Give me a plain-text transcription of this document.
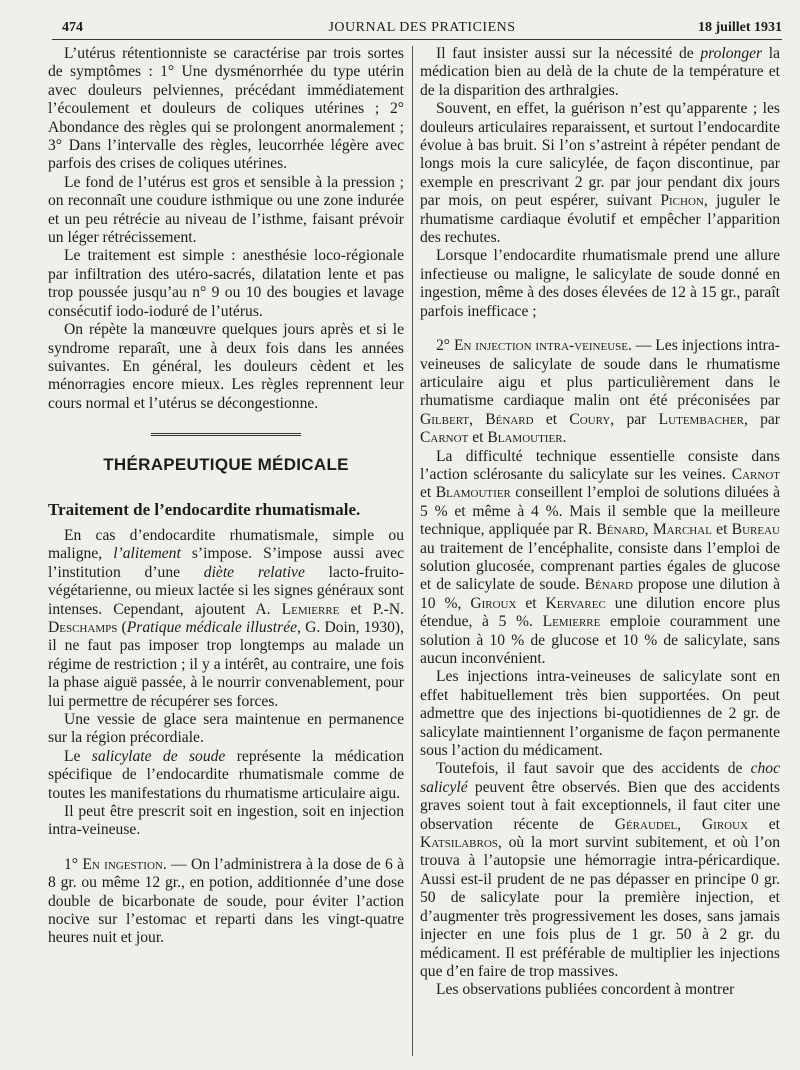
474	JOURNAL DES PRATICIENS	18 juillet 1931

L’utérus rétentionniste se caractérise par trois sortes de symptômes : 1° Une dysménorrhée du type utérin avec douleurs pelviennes, précédant immédiatement l’écoulement et douleurs de coliques utérines ; 2° Abondance des règles qui se prolongent anormalement ; 3° Dans l’intervalle des règles, leucorrhée légère avec parfois des crises de coliques utérines.

Le fond de l’utérus est gros et sensible à la pression ; on reconnaît une coudure isthmique ou une zone indurée et un peu rétrécie au niveau de l’isthme, faisant prévoir un léger rétrécissement.

Le traitement est simple : anesthésie loco-régionale par infiltration des utéro-sacrés, dilatation lente et pas trop poussée jusqu’au n° 9 ou 10 des bougies et lavage consécutif iodo-ioduré de l’utérus.

On répète la manœuvre quelques jours après et si le syndrome reparaît, une à deux fois dans les années suivantes. En général, les douleurs cèdent et les ménorragies encore mieux. Les règles reprennent leur cours normal et l’utérus se décongestionne.

THÉRAPEUTIQUE MÉDICALE

Traitement de l’endocardite rhumatismale.

En cas d’endocardite rhumatismale, simple ou maligne, l’alitement s’impose. S’impose aussi avec l’institution d’une diète relative lacto-fruito-végétarienne, ou mieux lactée si les signes généraux sont intenses. Cependant, ajoutent A. Lemierre et P.-N. Deschamps (Pratique médicale illustrée, G. Doin, 1930), il ne faut pas imposer trop longtemps au malade un régime de restriction ; il y a intérêt, au contraire, une fois la phase aiguë passée, à le nourrir convenablement, pour lui permettre de récupérer ses forces.

Une vessie de glace sera maintenue en permanence sur la région précordiale.

Le salicylate de soude représente la médication spécifique de l’endocardite rhumatismale comme de toutes les manifestations du rhumatisme articulaire aigu.

Il peut être prescrit soit en ingestion, soit en injection intra-veineuse.

1° En ingestion. — On l’administrera à la dose de 6 à 8 gr. ou même 12 gr., en potion, additionnée d’une dose double de bicarbonate de soude, pour éviter l’action nocive sur l’estomac et reparti dans les vingt-quatre heures nuit et jour.

Il faut insister aussi sur la nécessité de prolonger la médication bien au delà de la chute de la température et de la disparition des arthralgies.

Souvent, en effet, la guérison n’est qu’apparente ; les douleurs articulaires reparaissent, et surtout l’endocardite évolue à bas bruit. Si l’on s’astreint à répéter pendant de longs mois la cure salicylée, de façon discontinue, par exemple en prescrivant 2 gr. par jour pendant dix jours par mois, on peut espérer, suivant Pichon, juguler le rhumatisme cardiaque évolutif et empêcher l’apparition des rechutes.

Lorsque l’endocardite rhumatismale prend une allure infectieuse ou maligne, le salicylate de soude donné en ingestion, même à des doses élevées de 12 à 15 gr., paraît parfois inefficace ;

2° En injection intra-veineuse. — Les injections intra-veineuses de salicylate de soude dans le rhumatisme articulaire aigu et plus particulièrement dans le rhumatisme cardiaque malin ont été préconisées par Gilbert, Bénard et Coury, par Lutembacher, par Carnot et Blamoutier.

La difficulté technique essentielle consiste dans l’action sclérosante du salicylate sur les veines. Carnot et Blamoutier conseillent l’emploi de solutions diluées à 5 % et même à 4 %. Mais il semble que la meilleure technique, appliquée par R. Bénard, Marchal et Bureau au traitement de l’encéphalite, consiste dans l’emploi de solution glucosée, comprenant parties égales de glucose et de salicylate de soude. Bénard propose une dilution à 10 %, Giroux et Kervarec une dilution encore plus étendue, à 5 %. Lemierre emploie couramment une solution à 10 % de glucose et 10 % de salicylate, sans aucun inconvénient.

Les injections intra-veineuses de salicylate sont en effet habituellement très bien supportées. On peut admettre que des injections bi-quotidiennes de 2 gr. de salicylate maintiennent l’organisme de façon permanente sous l’action du médicament.

Toutefois, il faut savoir que des accidents de choc salicylé peuvent être observés. Bien que des accidents graves soient tout à fait exceptionnels, il faut citer une observation récente de Géraudel, Giroux et Katsilabros, où la mort survint subitement, et où l’on trouva à l’autopsie une hémorragie intra-péricardique. Aussi est-il prudent de ne pas dépasser en principe 0 gr. 50 de salicylate pour la première injection, et d’augmenter très progressivement les doses, sans jamais injecter en une fois plus de 1 gr. 50 à 2 gr. du médicament. Il est préférable de multiplier les injections que d’en faire de trop massives.

Les observations publiées concordent à montrer
